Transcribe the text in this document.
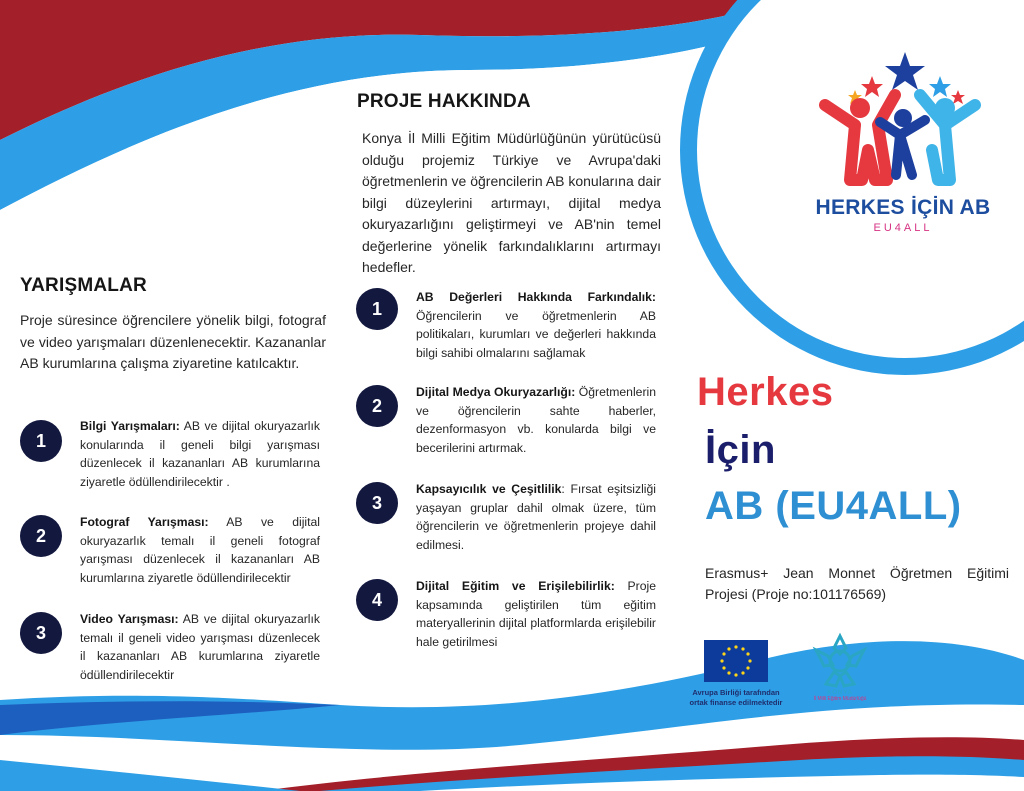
HERKES İÇİN AB
EU4ALL
PROJE HAKKINDA
Konya İl Milli Eğitim Müdürlüğünün yürütücüsü olduğu projemiz Türkiye ve Avrupa'daki öğretmenlerin ve öğrencilerin AB konularına dair bilgi düzeylerini artırmayı, dijital medya okuryazarlığını geliştirmeyi ve AB'nin temel değerlerine yönelik farkındalıklarını artırmayı hedefler.
YARIŞMALAR
Proje süresince öğrencilere yönelik bilgi, fotograf ve video yarışmaları düzenlenecektir. Kazananlar AB kurumlarına çalışma ziyaretine katılcaktır.
1
Bilgi Yarışmaları: AB ve dijital okuryazarlık konularında il geneli bilgi yarışması düzenlecek il kazananları AB kurumlarına ziyaretle ödüllendirilecektir .
2
Fotograf Yarışması: AB ve dijital okuryazarlık temalı il geneli fotograf yarışması düzenlecek il kazananları AB kurumlarına ziyaretle ödüllendirilecektir
3
Video Yarışması: AB ve dijital okuryazarlık temalı il geneli video yarışması düzenlecek il kazananları AB kurumlarına ziyaretle ödüllendirilecektir
1
AB Değerleri Hakkında Farkındalık: Öğrencilerin ve öğretmenlerin AB politikaları, kurumları ve değerleri hakkında bilgi sahibi olmalarını sağlamak
2
Dijital Medya Okuryazarlığı: Öğretmenlerin ve öğrencilerin sahte haberler, dezenformasyon vb. konularda bilgi ve becerilerini artırmak.
3
Kapsayıcılık ve Çeşitlilik: Fırsat eşitsizliği yaşayan gruplar dahil olmak üzere, tüm öğrencilerin ve öğretmenlerin projeye dahil edilmesi.
4
Dijital Eğitim ve Erişilebilirlik: Proje kapsamında geliştirilen tüm eğitim materyallerinin dijital platformlarda erişilebilir hale getirilmesi
Herkes
İçin
AB (EU4ALL)
Erasmus+ Jean Monnet Öğretmen Eğitimi Projesi (Proje no:101176569)
Avrupa Birliği tarafından
ortak finanse edilmektedir
KONYA
İl Milli Eğitim Müdürlüğü
